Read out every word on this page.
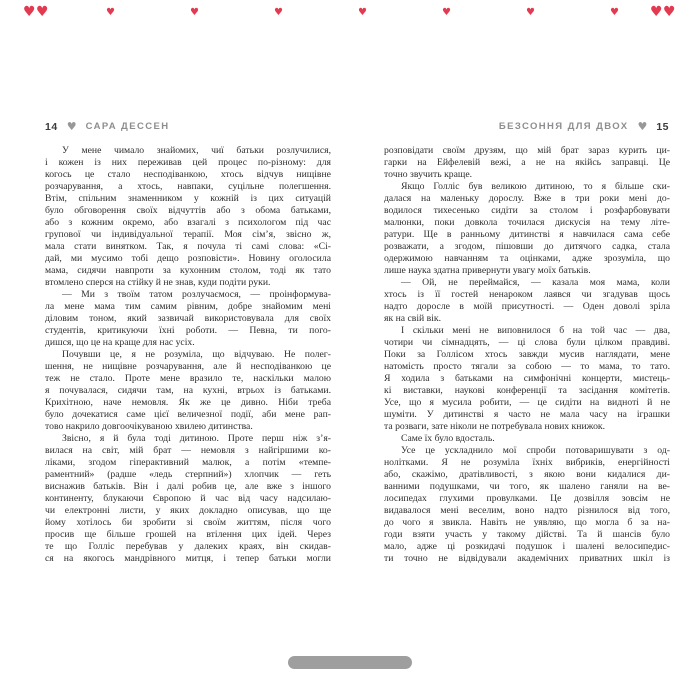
♥ ♥	♥	♥	♥	♥	♥	♥	♥ ♥ ♥
14 ♥ САРА ДЕССЕН	БЕЗСОННЯ ДЛЯ ДВОХ ♥ 15
У мене чимало знайомих, чиї батьки розлучилися,
і кожен із них переживав цей процес по-різному: для
когось це стало несподіванкою, хтось відчув нищівне
розчарування, а хтось, навпаки, суцільне полегшення.
Втім, спільним знаменником у кожній із цих ситуацій
було обговорення своїх відчуттів або з обома батьками,
або з кожним окремо, або взагалі з психологом під час
групової чи індивідуальної терапії. Моя сім’я, звісно ж,
мала стати винятком. Так, я почула ті самі слова: «Сі-
дай, ми мусимо тобі дещо розповісти». Новину оголосила
мама, сидячи навпроти за кухонним столом, тоді як тато
втомлено сперся на стійку й не знав, куди подіти руки.
— Ми з твоїм татом розлучаємося, — проінформува-
ла мене мама тим самим рівним, добре знайомим мені
діловим тоном, який зазвичай використовувала для своїх
студентів, критикуючи їхні роботи. — Певна, ти пого-
дишся, що це на краще для нас усіх.
Почувши це, я не розуміла, що відчуваю. Не полег-
шення, не нищівне розчарування, але й несподіванкою це
теж не стало. Проте мене вразило те, наскільки малою
я почувалася, сидячи там, на кухні, втрьох із батьками.
Крихітною, наче немовля. Як же це дивно. Ніби треба
було дочекатися саме цієї величезної події, аби мене рап-
тово накрило довгоочікуваною хвилею дитинства.
Звісно, я й була тоді дитиною. Проте перш ніж з’я-
вилася на світ, мій брат — немовля з найгіршими ко-
ліками, згодом гіперактивний малюк, а потім «темпе-
раментний» (радше «ледь стерпний») хлопчик — геть
виснажив батьків. Він і далі робив це, але вже з іншого
континенту, блукаючи Європою й час від часу надсилаю-
чи електронні листи, у яких докладно описував, що ще
йому хотілось би зробити зі своїм життям, після чого
просив ще більше грошей на втілення цих ідей. Через
те що Голліс перебував у далеких краях, він скидав-
ся на якогось мандрівного митця, і тепер батьки могли
розповідати своїм друзям, що мій брат зараз курить ци-
гарки на Ейфелевій вежі, а не на якійсь заправці. Це
точно звучить краще.
Якщо Голліс був великою дитиною, то я більше ски-
далася на маленьку дорослу. Вже в три роки мені до-
водилося тихесенько сидіти за столом і розфарбовувати
малюнки, поки довкола точилася дискусія на тему літе-
ратури. Ще в ранньому дитинстві я навчилася сама себе
розважати, а згодом, пішовши до дитячого садка, стала
одержимою навчанням та оцінками, адже зрозуміла, що
лише наука здатна привернути увагу моїх батьків.
— Ой, не переймайся, — казала моя мама, коли
хтось із її гостей ненароком лаявся чи згадував щось
надто доросле в моїй присутності. — Оден доволі зріла
як на свій вік.
І скільки мені не виповнилося б на той час — два,
чотири чи сімнадцять, — ці слова були цілком правдиві.
Поки за Голлісом хтось завжди мусив наглядати, мене
натомість просто тягали за собою — то мама, то тато.
Я ходила з батьками на симфонічні концерти, мистець-
кі виставки, наукові конференції та засідання комітетів.
Усе, що я мусила робити, — це сидіти на видноті й не
шуміти. У дитинстві я часто не мала часу на іграшки
та розваги, зате ніколи не потребувала нових книжок.
Саме їх було вдосталь.
Усе це ускладнило мої спроби потоваришувати з од-
нолітками. Я не розуміла їхніх вибриків, енергійності
або, скажімо, дратівливості, з якою вони кидалися ди-
ванними подушками, чи того, як шалено ганяли на ве-
лосипедах глухими провулками. Це дозвілля зовсім не
видавалося мені веселим, воно надто різнилося від того,
до чого я звикла. Навіть не уявляю, що могла б за на-
годи взяти участь у такому дійстві. Та й шансів було
мало, адже ці розкидачі подушок і шалені велосипедис-
ти точно не відвідували академічних приватних шкіл із
